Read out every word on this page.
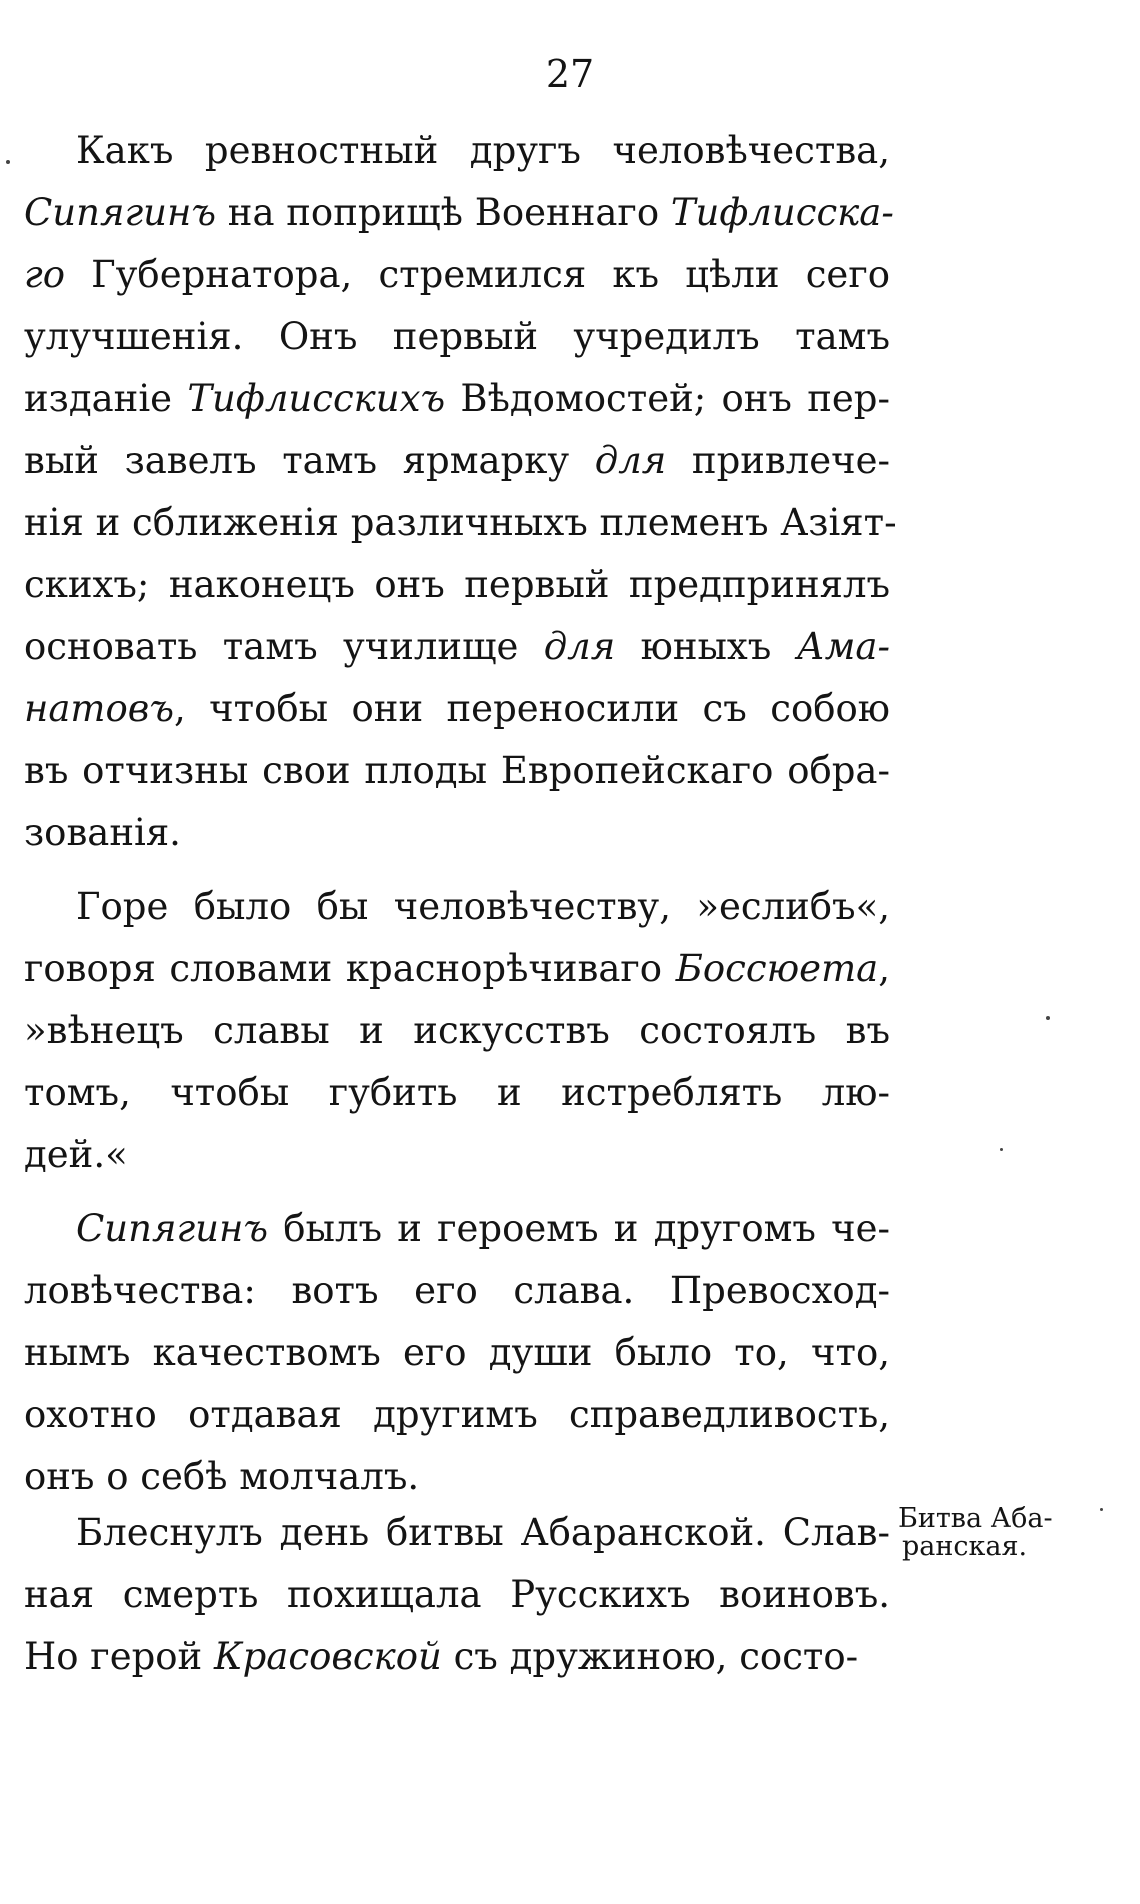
27
Какъ ревностный другъ человѣчества,
Сипягинъ на поприщѣ Военнаго Тифлисска-
го Губернатора, стремился къ цѣли сего
улучшенія. Онъ первый учредилъ тамъ
изданіе Тифлисскихъ Вѣдомостей; онъ пер-
вый завелъ тамъ ярмарку для привлече-
нія и сближенія различныхъ племенъ Азіят-
скихъ; наконецъ онъ первый предпринялъ
основать тамъ училище для юныхъ Ама-
натовъ, чтобы они переносили съ собою
въ отчизны свои плоды Европейскаго обра-
зованія.
Горе было бы человѣчеству, »еслибъ«,
говоря словами краснорѣчиваго Боссюета,
»вѣнецъ славы и искусствъ состоялъ въ
томъ, чтобы губить и истреблять лю-
дей.«
Сипягинъ былъ и героемъ и другомъ че-
ловѣчества: вотъ его слава. Превосход-
нымъ качествомъ его души было то, что,
охотно отдавая другимъ справедливость,
онъ о себѣ молчалъ.
Блеснулъ день битвы Абаранской. Слав-
ная смерть похищала Русскихъ воиновъ.
Но герой Красовской съ дружиною, состо-
Битва Аба-
ранская.
